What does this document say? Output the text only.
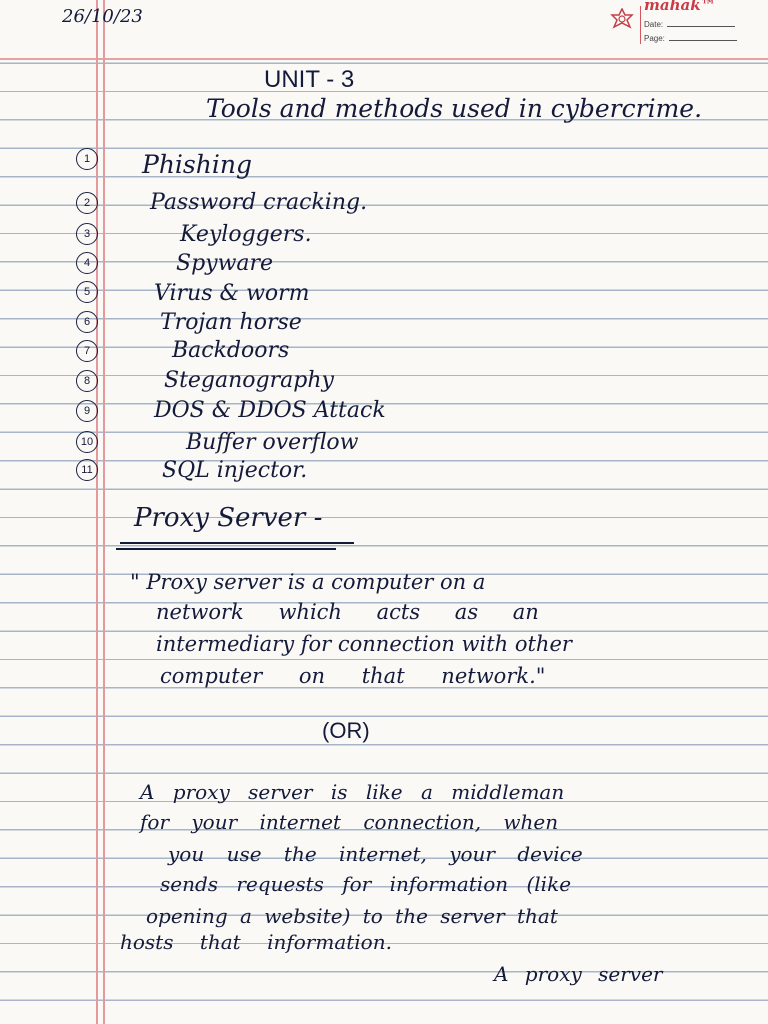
26/10/23
mahak™
Date:
Page:
UNIT - 3
Tools and methods used in cybercrime.
1	Phishing
2	Password cracking.
3	Keyloggers.
4	Spyware
5	Virus & worm
6	Trojan horse
7	Backdoors
8	Steganography
9	DOS & DDOS Attack
10	Buffer overflow
11	SQL injector.
Proxy Server -
" Proxy server is a computer on a
network which acts as an
intermediary for connection with other
computer on that network."
(OR)
A proxy server is like a middleman
for your internet connection, when
you use the internet, your device
sends requests for information (like
opening a website) to the server that
hosts that information.
A proxy server
